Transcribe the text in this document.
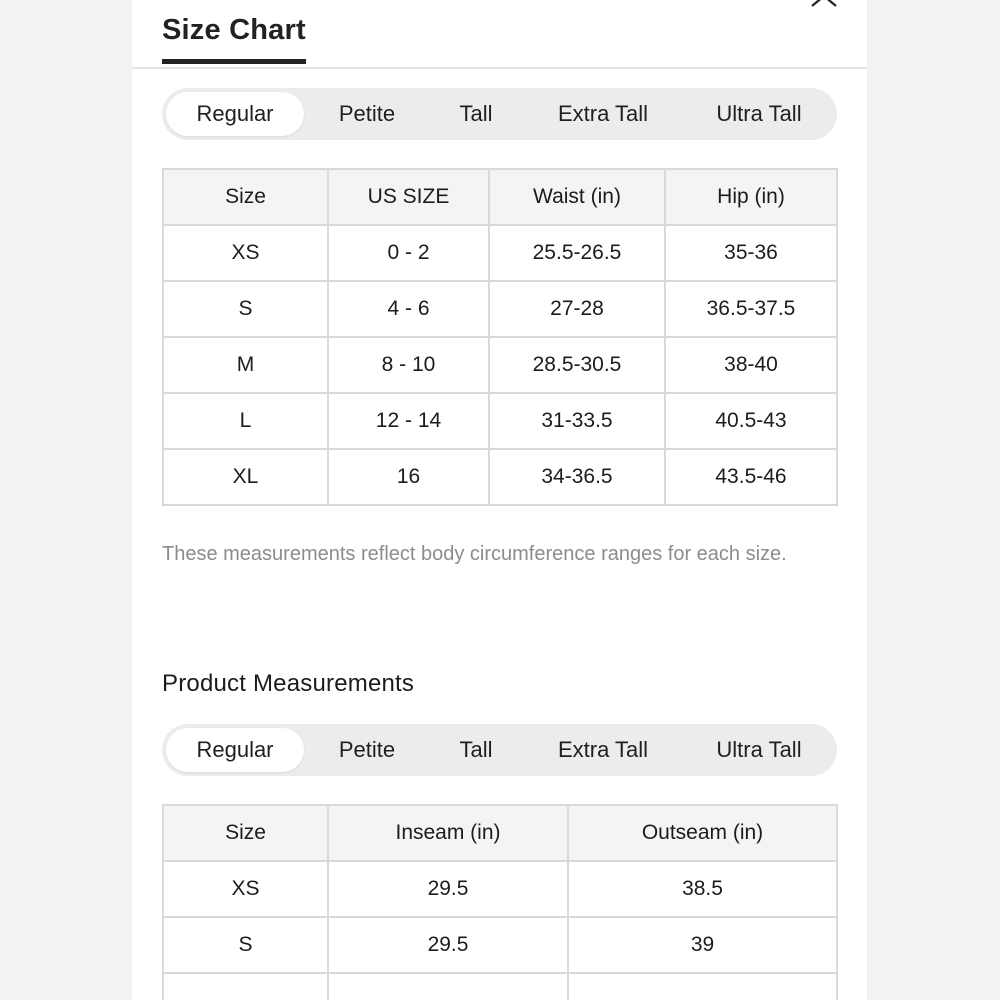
Size Chart
Regular	Petite	Tall	Extra Tall	Ultra Tall
Size	US SIZE	Waist (in)	Hip (in)
XS	0 - 2	25.5-26.5	35-36
S	4 - 6	27-28	36.5-37.5
M	8 - 10	28.5-30.5	38-40
L	12 - 14	31-33.5	40.5-43
XL	16	34-36.5	43.5-46
These measurements reflect body circumference ranges for each size.
Product Measurements
Regular	Petite	Tall	Extra Tall	Ultra Tall
Size	Inseam (in)	Outseam (in)
XS	29.5	38.5
S	29.5	39
